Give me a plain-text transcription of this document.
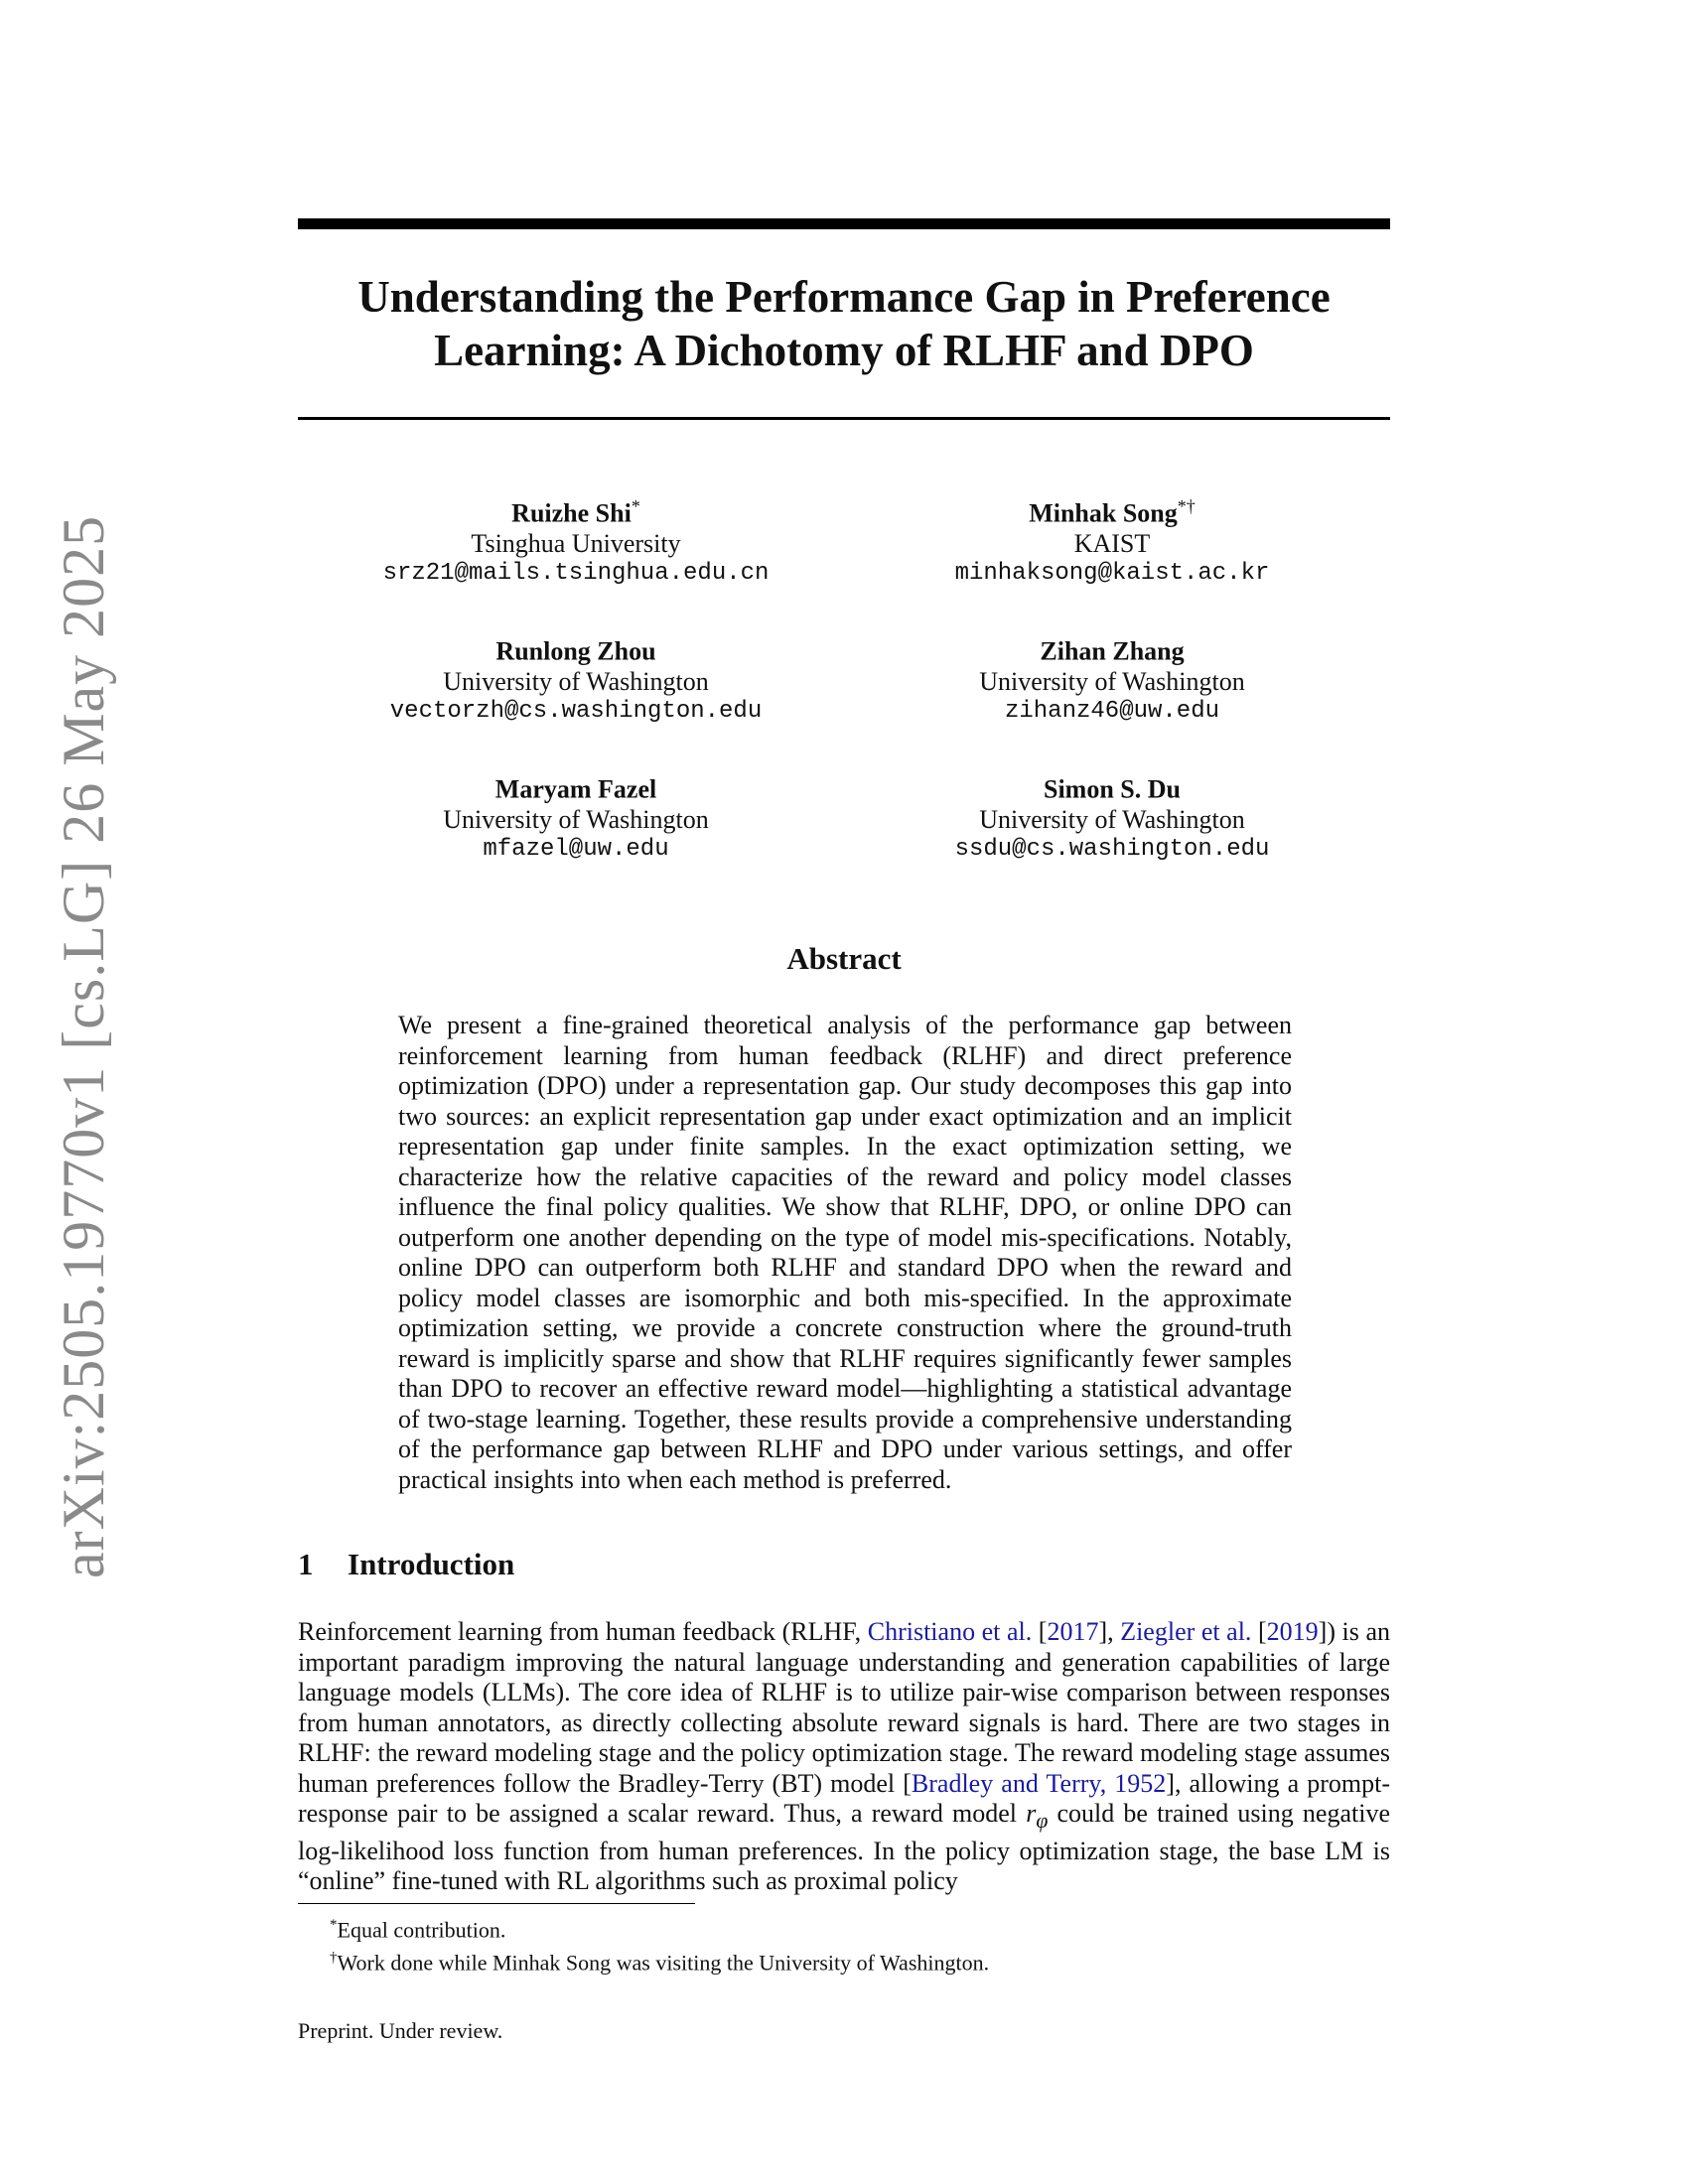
arXiv:2505.19770v1 [cs.LG] 26 May 2025
Understanding the Performance Gap in Preference
Learning: A Dichotomy of RLHF and DPO
Ruizhe Shi*
Tsinghua University
srz21@mails.tsinghua.edu.cn
Minhak Song*†
KAIST
minhaksong@kaist.ac.kr
Runlong Zhou
University of Washington
vectorzh@cs.washington.edu
Zihan Zhang
University of Washington
zihanz46@uw.edu
Maryam Fazel
University of Washington
mfazel@uw.edu
Simon S. Du
University of Washington
ssdu@cs.washington.edu
Abstract
We present a fine-grained theoretical analysis of the performance gap between reinforcement learning from human feedback (RLHF) and direct preference optimization (DPO) under a representation gap. Our study decomposes this gap into two sources: an explicit representation gap under exact optimization and an implicit representation gap under finite samples. In the exact optimization setting, we characterize how the relative capacities of the reward and policy model classes influence the final policy qualities. We show that RLHF, DPO, or online DPO can outperform one another depending on the type of model mis-specifications. Notably, online DPO can outperform both RLHF and standard DPO when the reward and policy model classes are isomorphic and both mis-specified. In the approximate optimization setting, we provide a concrete construction where the ground-truth reward is implicitly sparse and show that RLHF requires significantly fewer samples than DPO to recover an effective reward model—highlighting a statistical advantage of two-stage learning. Together, these results provide a comprehensive understanding of the performance gap between RLHF and DPO under various settings, and offer practical insights into when each method is preferred.
1 Introduction
Reinforcement learning from human feedback (RLHF, Christiano et al. [2017], Ziegler et al. [2019]) is an important paradigm improving the natural language understanding and generation capabilities of large language models (LLMs). The core idea of RLHF is to utilize pair-wise comparison between responses from human annotators, as directly collecting absolute reward signals is hard. There are two stages in RLHF: the reward modeling stage and the policy optimization stage. The reward modeling stage assumes human preferences follow the Bradley-Terry (BT) model [Bradley and Terry, 1952], allowing a prompt-response pair to be assigned a scalar reward. Thus, a reward model $r_\varphi$ could be trained using negative log-likelihood loss function from human preferences. In the policy optimization stage, the base LM is “online” fine-tuned with RL algorithms such as proximal policy
*Equal contribution.
†Work done while Minhak Song was visiting the University of Washington.
Preprint. Under review.
